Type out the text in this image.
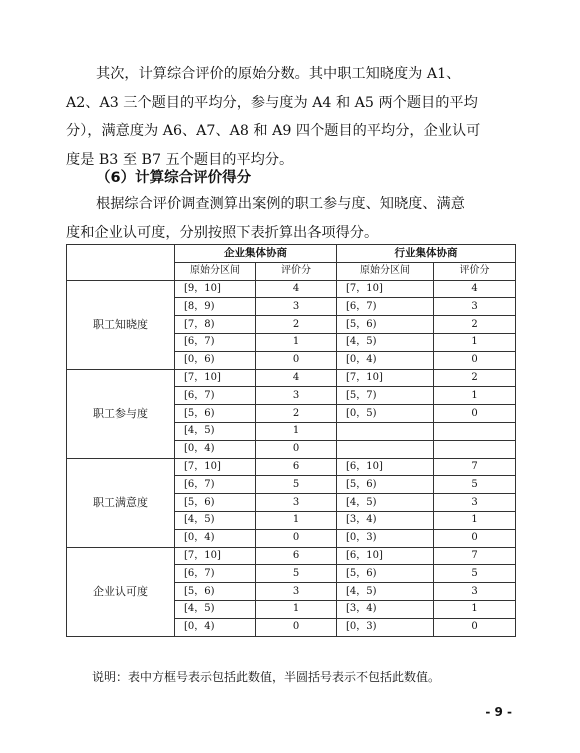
其次，计算综合评价的原始分数。其中职工知晓度为 A1、
A2、A3 三个题目的平均分，参与度为 A4 和 A5 两个题目的平均
分），满意度为 A6、A7、A8 和 A9 四个题目的平均分，企业认可
度是 B3 至 B7 五个题目的平均分。

（6）计算综合评价得分

根据综合评价调查测算出案例的职工参与度、知晓度、满意
度和企业认可度，分别按照下表折算出各项得分。
	企业集体协商		行业集体协商	
	原始分区间	评价分	原始分区间	评价分
职工知晓度	[9，10]	4	[7，10]	4
	[8，9)	3	[6，7)	3
	[7，8)	2	[5，6)	2
	[6，7)	1	[4，5)	1
	[0，6)	0	[0，4)	0
职工参与度	[7，10]	4	[7，10]	2
	[6，7)	3	[5，7)	1
	[5，6)	2	[0，5)	0
	[4，5)	1		
	[0，4)	0		
职工满意度	[7，10]	6	[6，10]	7
	[6，7)	5	[5，6)	5
	[5，6)	3	[4，5)	3
	[4，5)	1	[3，4)	1
	[0，4)	0	[0，3)	0
企业认可度	[7，10]	6	[6，10]	7
	[6，7)	5	[5，6)	5
	[5，6)	3	[4，5)	3
	[4，5)	1	[3，4)	1
	[0，4)	0	[0，3)	0

说明：表中方框号表示包括此数值，半圆括号表示不包括此数值。

- 9 -
